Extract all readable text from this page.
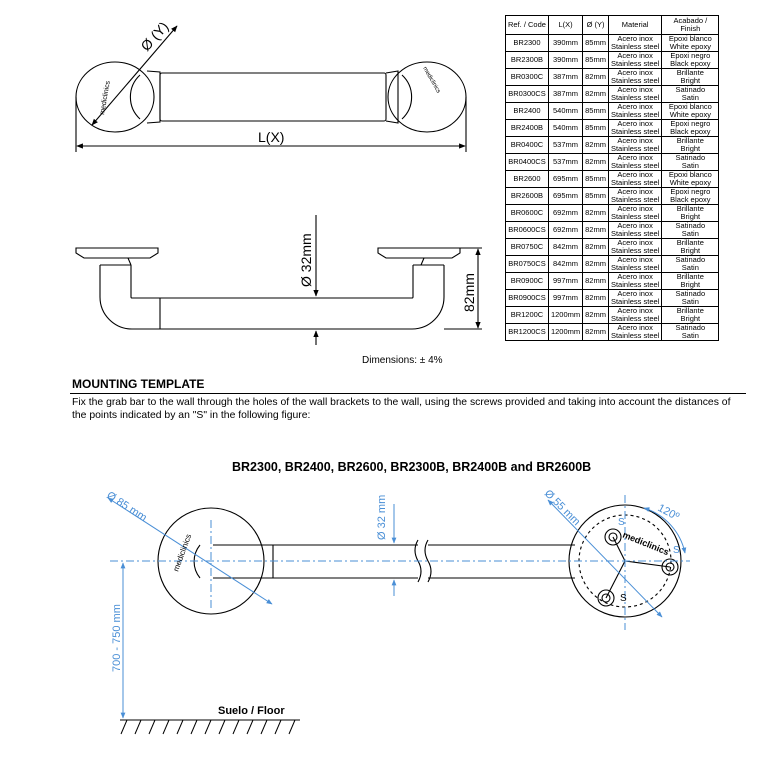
mediclinics
mediclinics
Ø (Y)
L(X)
Ø 32mm
82mm
Ø 85 mm	Ø 32 mm	Ø 55 mm	120º
700 - 750 mm
mediclinics	mediclinics
S
S
S
Ref. / Code	L(X)	Ø (Y)	Material	Acabado / Finish
BR2300	390mm	85mm	Acero inox
Stainless steel	Epoxi blanco
White epoxy

BR2300B	390mm	85mm	Acero inox
Stainless steel	Epoxi negro
Black epoxy

BR0300C	387mm	82mm	Acero inox
Stainless steel	Brillante
Bright

BR0300CS	387mm	82mm	Acero inox
Stainless steel	Satinado
Satin

BR2400	540mm	85mm	Acero inox
Stainless steel	Epoxi blanco
White epoxy

BR2400B	540mm	85mm	Acero inox
Stainless steel	Epoxi negro
Black epoxy

BR0400C	537mm	82mm	Acero inox
Stainless steel	Brillante
Bright

BR0400CS	537mm	82mm	Acero inox
Stainless steel	Satinado
Satin

BR2600	695mm	85mm	Acero inox
Stainless steel	Epoxi blanco
White epoxy

BR2600B	695mm	85mm	Acero inox
Stainless steel	Epoxi negro
Black epoxy

BR0600C	692mm	82mm	Acero inox
Stainless steel	Brillante
Bright

BR0600CS	692mm	82mm	Acero inox
Stainless steel	Satinado
Satin

BR0750C	842mm	82mm	Acero inox
Stainless steel	Brillante
Bright

BR0750CS	842mm	82mm	Acero inox
Stainless steel	Satinado
Satin

BR0900C	997mm	82mm	Acero inox
Stainless steel	Brillante
Bright

BR0900CS	997mm	82mm	Acero inox
Stainless steel	Satinado
Satin

BR1200C	1200mm	82mm	Acero inox
Stainless steel	Brillante
Bright

BR1200CS	1200mm	82mm	Acero inox
Stainless steel	Satinado
Satin
Dimensions: ± 4%
MOUNTING TEMPLATE
Fix the grab bar to the wall through the holes of the wall brackets to the wall, using the screws provided and taking into account the distances of the points indicated by an "S" in the following figure:
BR2300, BR2400, BR2600, BR2300B, BR2400B and BR2600B
Suelo / Floor
